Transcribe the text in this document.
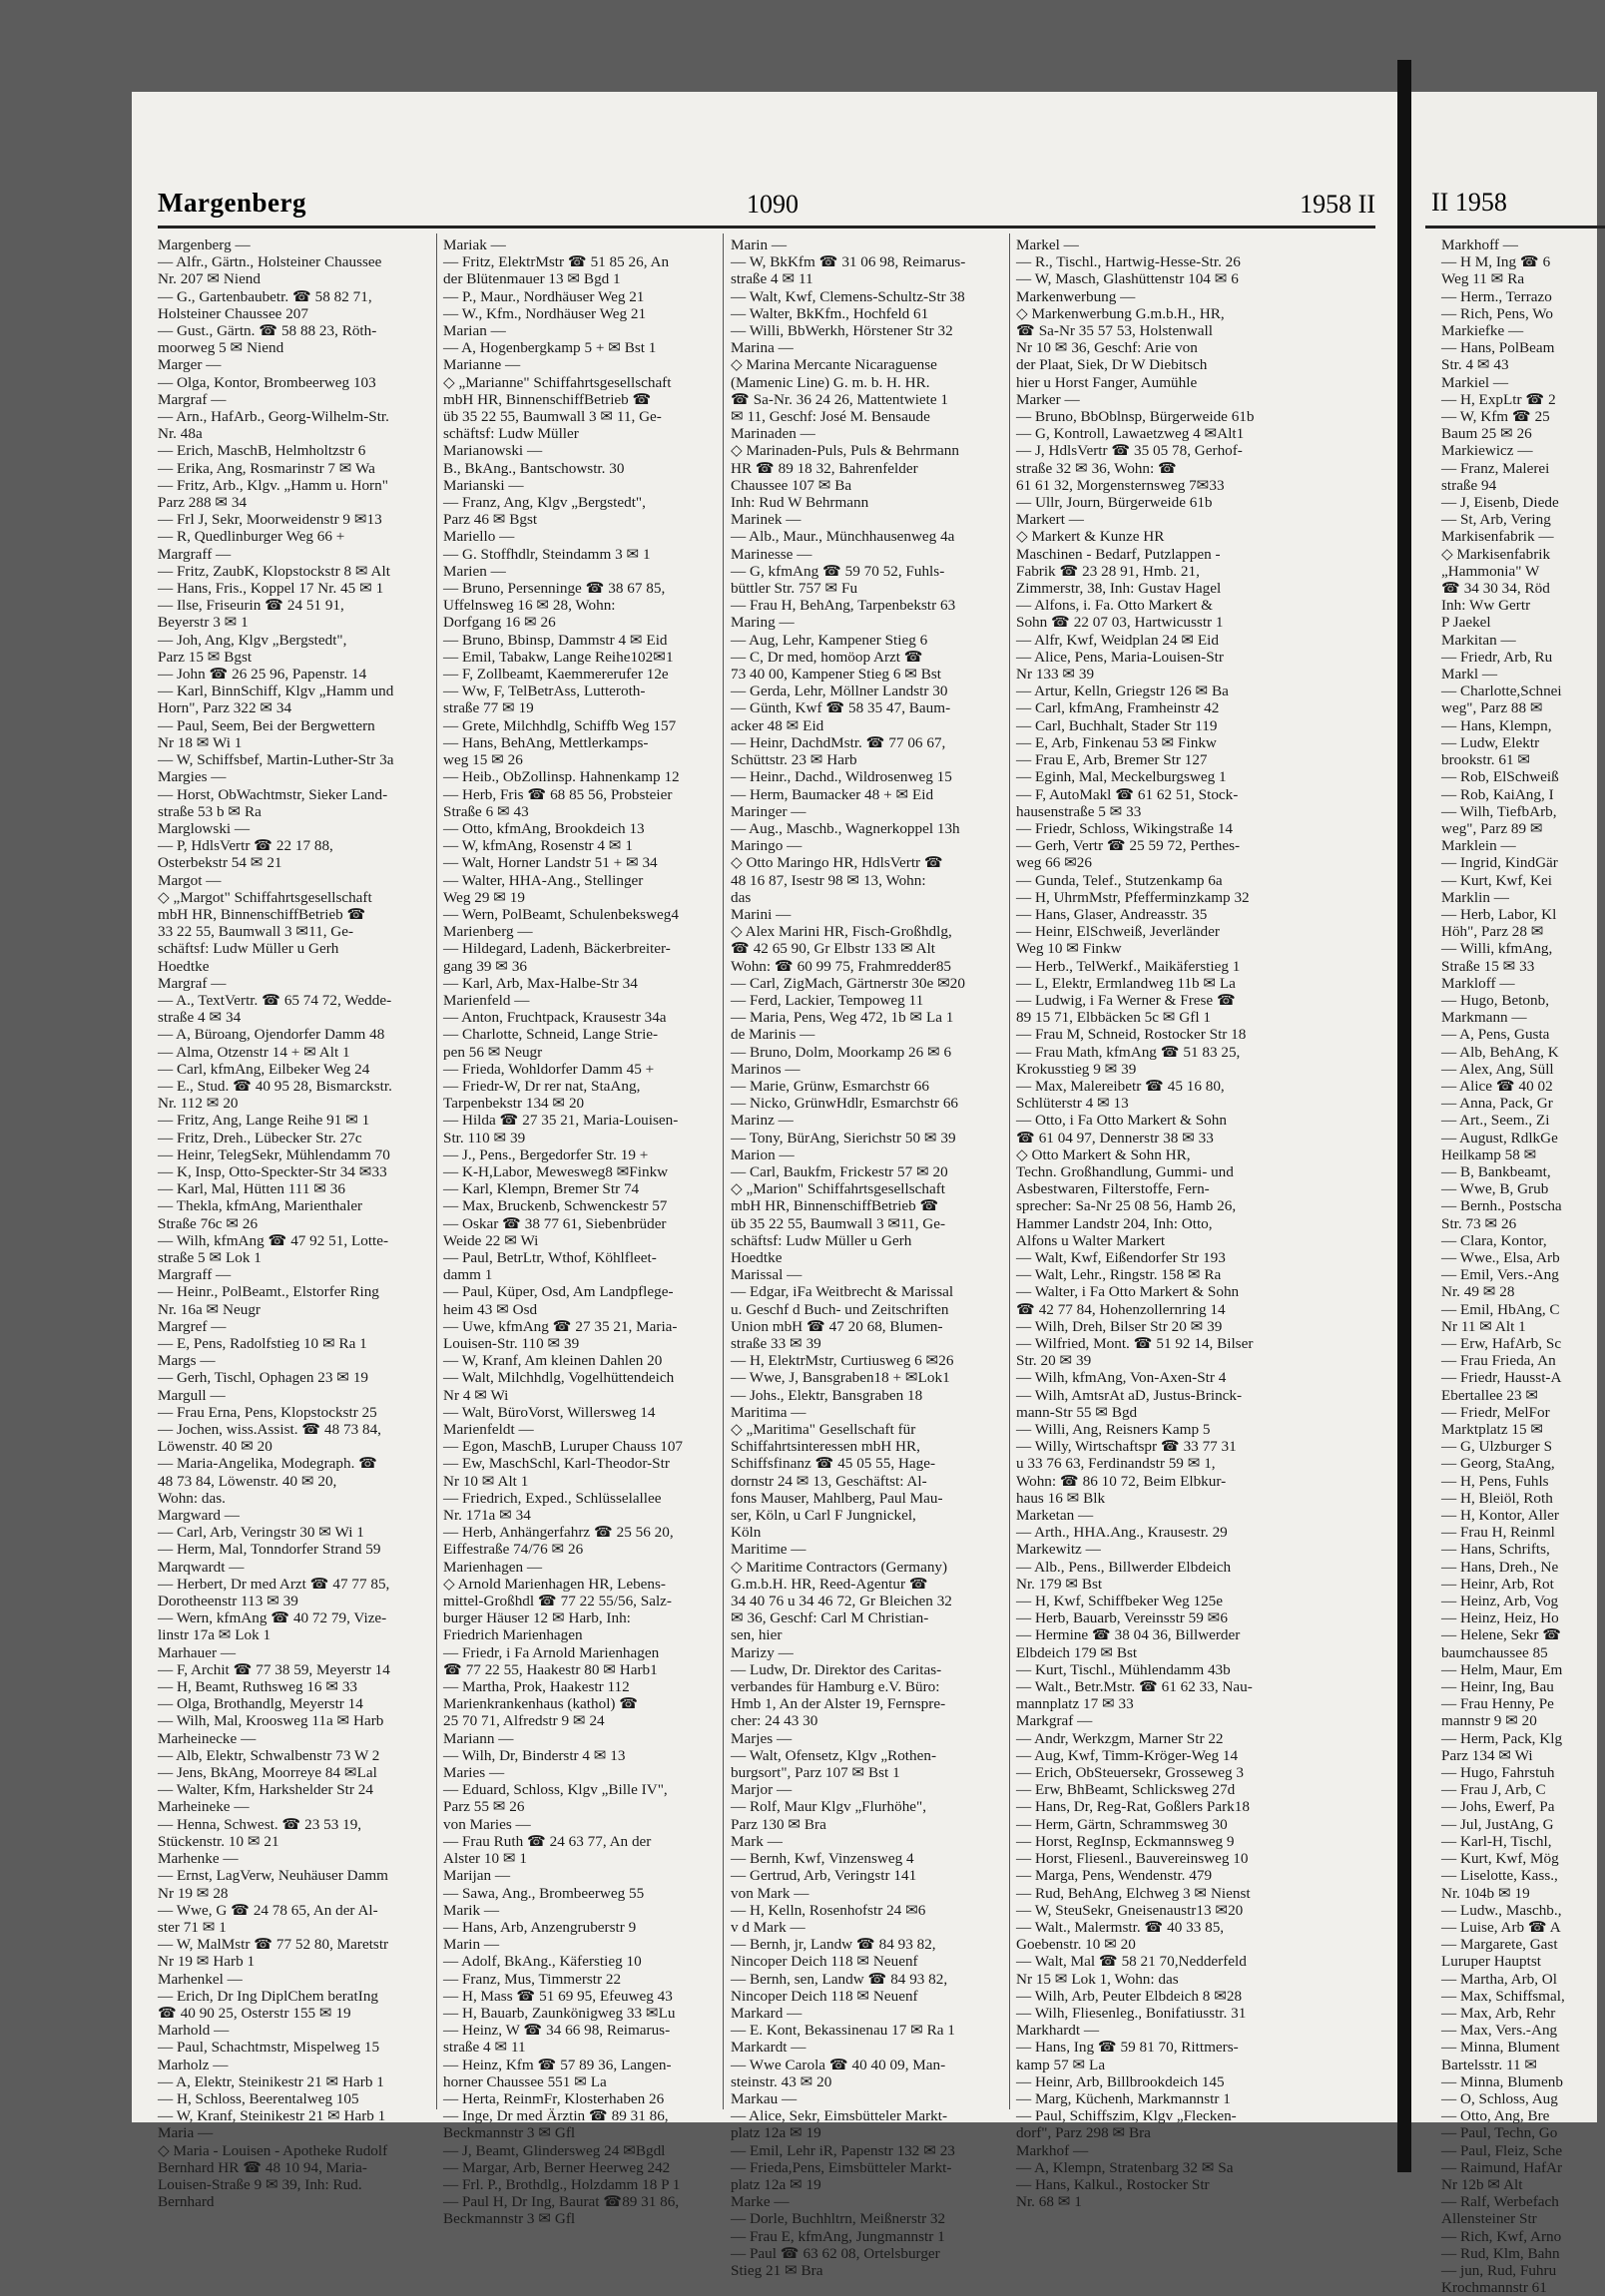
Margenberg	1090	1958 II
Margenberg —
— Alfr., Gärtn., Holsteiner Chaussee
Nr. 207 ✉ Niend
— G., Gartenbaubetr. ☎ 58 82 71,
Holsteiner Chaussee 207
— Gust., Gärtn. ☎ 58 88 23, Röth-
moorweg 5 ✉ Niend
Marger —
— Olga, Kontor, Brombeerweg 103
Margraf —
— Arn., HafArb., Georg-Wilhelm-Str.
Nr. 48a
— Erich, MaschB, Helmholtzstr 6
— Erika, Ang, Rosmarinstr 7 ✉ Wa
— Fritz, Arb., Klgv. „Hamm u. Horn"
Parz 288 ✉ 34
— Frl J, Sekr, Moorweidenstr 9 ✉13
— R, Quedlinburger Weg 66 +
Margraff —
— Fritz, ZaubK, Klopstockstr 8 ✉ Alt
— Hans, Fris., Koppel 17 Nr. 45 ✉ 1
— Ilse, Friseurin ☎ 24 51 91,
Beyerstr 3 ✉ 1
— Joh, Ang, Klgv „Bergstedt",
Parz 15 ✉ Bgst
— John ☎ 26 25 96, Papenstr. 14
— Karl, BinnSchiff, Klgv „Hamm und
Horn", Parz 322 ✉ 34
— Paul, Seem, Bei der Bergwettern
Nr 18 ✉ Wi 1
— W, Schiffsbef, Martin-Luther-Str 3a
Margies —
— Horst, ObWachtmstr, Sieker Land-
straße 53 b ✉ Ra
Marglowski —
— P, HdlsVertr ☎ 22 17 88,
Osterbekstr 54 ✉ 21
Margot —
◇ „Margot" Schiffahrtsgesellschaft
mbH HR, BinnenschiffBetrieb ☎
33 22 55, Baumwall 3 ✉11, Ge-
schäftsf: Ludw Müller u Gerh
Hoedtke
Margraf —
— A., TextVertr. ☎ 65 74 72, Wedde-
straße 4 ✉ 34
— A, Büroang, Ojendorfer Damm 48
— Alma, Otzenstr 14 + ✉ Alt 1
— Carl, kfmAng, Eilbeker Weg 24
— E., Stud. ☎ 40 95 28, Bismarckstr.
Nr. 112 ✉ 20
— Fritz, Ang, Lange Reihe 91 ✉ 1
— Fritz, Dreh., Lübecker Str. 27c
— Heinr, TelegSekr, Mühlendamm 70
— K, Insp, Otto-Speckter-Str 34 ✉33
— Karl, Mal, Hütten 111 ✉ 36
— Thekla, kfmAng, Marienthaler
Straße 76c ✉ 26
— Wilh, kfmAng ☎ 47 92 51, Lotte-
straße 5 ✉ Lok 1
Margraff —
— Heinr., PolBeamt., Elstorfer Ring
Nr. 16a ✉ Neugr
Margref —
— E, Pens, Radolfstieg 10 ✉ Ra 1
Margs —
— Gerh, Tischl, Ophagen 23 ✉ 19
Margull —
— Frau Erna, Pens, Klopstockstr 25
— Jochen, wiss.Assist. ☎ 48 73 84,
Löwenstr. 40 ✉ 20
— Maria-Angelika, Modegraph. ☎
48 73 84, Löwenstr. 40 ✉ 20,
Wohn: das.
Margward —
— Carl, Arb, Veringstr 30 ✉ Wi 1
— Herm, Mal, Tonndorfer Strand 59
Marqwardt —
— Herbert, Dr med Arzt ☎ 47 77 85,
Dorotheenstr 113 ✉ 39
— Wern, kfmAng ☎ 40 72 79, Vize-
linstr 17a ✉ Lok 1
Marhauer —
— F, Archit ☎ 77 38 59, Meyerstr 14
— H, Beamt, Ruthsweg 16 ✉ 33
— Olga, Brothandlg, Meyerstr 14
— Wilh, Mal, Kroosweg 11a ✉ Harb
Marheinecke —
— Alb, Elektr, Schwalbenstr 73 W 2
— Jens, BkAng, Moorreye 84 ✉Lal
— Walter, Kfm, Harkshelder Str 24
Marheineke —
— Henna, Schwest. ☎ 23 53 19,
Stückenstr. 10 ✉ 21
Marhenke —
— Ernst, LagVerw, Neuhäuser Damm
Nr 19 ✉ 28
— Wwe, G ☎ 24 78 65, An der Al-
ster 71 ✉ 1
— W, MalMstr ☎ 77 52 80, Maretstr
Nr 19 ✉ Harb 1
Marhenkel —
— Erich, Dr Ing DiplChem beratIng
☎ 40 90 25, Osterstr 155 ✉ 19
Marhold —
— Paul, Schachtmstr, Mispelweg 15
Marholz —
— A, Elektr, Steinikestr 21 ✉ Harb 1
— H, Schloss, Beerentalweg 105
— W, Kranf, Steinikestr 21 ✉ Harb 1
Maria —
◇ Maria - Louisen - Apotheke Rudolf
Bernhard HR ☎ 48 10 94, Maria-
Louisen-Straße 9 ✉ 39, Inh: Rud.
Bernhard
Mariak —
— Fritz, ElektrMstr ☎ 51 85 26, An
der Blütenmauer 13 ✉ Bgd 1
— P., Maur., Nordhäuser Weg 21
— W., Kfm., Nordhäuser Weg 21
Marian —
— A, Hogenbergkamp 5 + ✉ Bst 1
Marianne —
◇ „Marianne" Schiffahrtsgesellschaft
mbH HR, BinnenschiffBetrieb ☎
üb 35 22 55, Baumwall 3 ✉ 11, Ge-
schäftsf: Ludw Müller
Marianowski —
B., BkAng., Bantschowstr. 30
Marianski —
— Franz, Ang, Klgv „Bergstedt",
Parz 46 ✉ Bgst
Mariello —
— G. Stoffhdlr, Steindamm 3 ✉ 1
Marien —
— Bruno, Persenninge ☎ 38 67 85,
Uffelnsweg 16 ✉ 28, Wohn:
Dorfgang 16 ✉ 26
— Bruno, Bbinsp, Dammstr 4 ✉ Eid
— Emil, Tabakw, Lange Reihe102✉1
— F, Zollbeamt, Kaemmererufer 12e
— Ww, F, TelBetrAss, Lutteroth-
straße 77 ✉ 19
— Grete, Milchhdlg, Schiffb Weg 157
— Hans, BehAng, Mettlerkamps-
weg 15 ✉ 26
— Heib., ObZollinsp. Hahnenkamp 12
— Herb, Fris ☎ 68 85 56, Probsteier
Straße 6 ✉ 43
— Otto, kfmAng, Brookdeich 13
— W, kfmAng, Rosenstr 4 ✉ 1
— Walt, Horner Landstr 51 + ✉ 34
— Walter, HHA-Ang., Stellinger
Weg 29 ✉ 19
— Wern, PolBeamt, Schulenbeksweg4
Marienberg —
— Hildegard, Ladenh, Bäckerbreiter-
gang 39 ✉ 36
— Karl, Arb, Max-Halbe-Str 34
Marienfeld —
— Anton, Fruchtpack, Krausestr 34a
— Charlotte, Schneid, Lange Strie-
pen 56 ✉ Neugr
— Frieda, Wohldorfer Damm 45 +
— Friedr-W, Dr rer nat, StaAng,
Tarpenbekstr 134 ✉ 20
— Hilda ☎ 27 35 21, Maria-Louisen-
Str. 110 ✉ 39
— J., Pens., Bergedorfer Str. 19 +
— K-H,Labor, Mewesweg8 ✉Finkw
— Karl, Klempn, Bremer Str 74
— Max, Bruckenb, Schwenckestr 57
— Oskar ☎ 38 77 61, Siebenbrüder
Weide 22 ✉ Wi
— Paul, BetrLtr, Wthof, Köhlfleet-
damm 1
— Paul, Küper, Osd, Am Landpflege-
heim 43 ✉ Osd
— Uwe, kfmAng ☎ 27 35 21, Maria-
Louisen-Str. 110 ✉ 39
— W, Kranf, Am kleinen Dahlen 20
— Walt, Milchhdlg, Vogelhüttendeich
Nr 4 ✉ Wi
— Walt, BüroVorst, Willersweg 14
Marienfeldt —
— Egon, MaschB, Luruper Chauss 107
— Ew, MaschSchl, Karl-Theodor-Str
Nr 10 ✉ Alt 1
— Friedrich, Exped., Schlüsselallee
Nr. 171a ✉ 34
— Herb, Anhängerfahrz ☎ 25 56 20,
Eiffestraße 74/76 ✉ 26
Marienhagen —
◇ Arnold Marienhagen HR, Lebens-
mittel-Großhdl ☎ 77 22 55/56, Salz-
burger Häuser 12 ✉ Harb, Inh:
Friedrich Marienhagen
— Friedr, i Fa Arnold Marienhagen
☎ 77 22 55, Haakestr 80 ✉ Harb1
— Martha, Prok, Haakestr 112
Marienkrankenhaus (kathol) ☎
25 70 71, Alfredstr 9 ✉ 24
Mariann —
— Wilh, Dr, Binderstr 4 ✉ 13
Maries —
— Eduard, Schloss, Klgv „Bille IV",
Parz 55 ✉ 26
von Maries —
— Frau Ruth ☎ 24 63 77, An der
Alster 10 ✉ 1
Marijan —
— Sawa, Ang., Brombeerweg 55
Marik —
— Hans, Arb, Anzengruberstr 9
Marin —
— Adolf, BkAng., Käferstieg 10
— Franz, Mus, Timmerstr 22
— H, Mass ☎ 51 69 95, Efeuweg 43
— H, Bauarb, Zaunkönigweg 33 ✉Lu
— Heinz, W ☎ 34 66 98, Reimarus-
straße 4 ✉ 11
— Heinz, Kfm ☎ 57 89 36, Langen-
horner Chaussee 551 ✉ La
— Herta, ReinmFr, Klosterhaben 26
— Inge, Dr med Ärztin ☎ 89 31 86,
Beckmannstr 3 ✉ Gfl
— J, Beamt, Glindersweg 24 ✉Bgdl
— Margar, Arb, Berner Heerweg 242
— Frl. P., Brothdlg., Holzdamm 18 P 1
— Paul H, Dr Ing, Baurat ☎89 31 86,
Beckmannstr 3 ✉ Gfl
Marin —
— W, BkKfm ☎ 31 06 98, Reimarus-
straße 4 ✉ 11
— Walt, Kwf, Clemens-Schultz-Str 38
— Walter, BkKfm., Hochfeld 61
— Willi, BbWerkh, Hörstener Str 32
Marina —
◇ Marina Mercante Nicaraguense
(Mamenic Line) G. m. b. H. HR.
☎ Sa-Nr. 36 24 26, Mattentwiete 1
✉ 11, Geschf: José M. Bensaude
Marinaden —
◇ Marinaden-Puls, Puls & Behrmann
HR ☎ 89 18 32, Bahrenfelder
Chaussee 107 ✉ Ba
Inh: Rud W Behrmann
Marinek —
— Alb., Maur., Münchhausenweg 4a
Marinesse —
— G, kfmAng ☎ 59 70 52, Fuhls-
büttler Str. 757 ✉ Fu
— Frau H, BehAng, Tarpenbekstr 63
Maring —
— Aug, Lehr, Kampener Stieg 6
— C, Dr med, homöop Arzt ☎
73 40 00, Kampener Stieg 6 ✉ Bst
— Gerda, Lehr, Möllner Landstr 30
— Günth, Kwf ☎ 58 35 47, Baum-
acker 48 ✉ Eid
— Heinr, DachdMstr. ☎ 77 06 67,
Schüttstr. 23 ✉ Harb
— Heinr., Dachd., Wildrosenweg 15
— Herm, Baumacker 48 + ✉ Eid
Maringer —
— Aug., Maschb., Wagnerkoppel 13h
Maringo —
◇ Otto Maringo HR, HdlsVertr ☎
48 16 87, Isestr 98 ✉ 13, Wohn:
das
Marini —
◇ Alex Marini HR, Fisch-Großhdlg,
☎ 42 65 90, Gr Elbstr 133 ✉ Alt
Wohn: ☎ 60 99 75, Frahmredder85
— Carl, ZigMach, Gärtnerstr 30e ✉20
— Ferd, Lackier, Tempoweg 11
— Maria, Pens, Weg 472, 1b ✉ La 1
de Marinis —
— Bruno, Dolm, Moorkamp 26 ✉ 6
Marinos —
— Marie, Grünw, Esmarchstr 66
— Nicko, GrünwHdlr, Esmarchstr 66
Marinz —
— Tony, BürAng, Sierichstr 50 ✉ 39
Marion —
— Carl, Baukfm, Frickestr 57 ✉ 20
◇ „Marion" Schiffahrtsgesellschaft
mbH HR, BinnenschiffBetrieb ☎
üb 35 22 55, Baumwall 3 ✉11, Ge-
schäftsf: Ludw Müller u Gerh
Hoedtke
Marissal —
— Edgar, iFa Weitbrecht & Marissal
u. Geschf d Buch- und Zeitschriften
Union mbH ☎ 47 20 68, Blumen-
straße 33 ✉ 39
— H, ElektrMstr, Curtiusweg 6 ✉26
— Wwe, J, Bansgraben18 + ✉Lok1
— Johs., Elektr, Bansgraben 18
Maritima —
◇ „Maritima" Gesellschaft für
Schiffahrtsinteressen mbH HR,
Schiffsfinanz ☎ 45 05 55, Hage-
dornstr 24 ✉ 13, Geschäftst: Al-
fons Mauser, Mahlberg, Paul Mau-
ser, Köln, u Carl F Jungnickel,
Köln
Maritime —
◇ Maritime Contractors (Germany)
G.m.b.H. HR, Reed-Agentur ☎
34 40 76 u 34 46 72, Gr Bleichen 32
✉ 36, Geschf: Carl M Christian-
sen, hier
Marizy —
— Ludw, Dr. Direktor des Caritas-
verbandes für Hamburg e.V. Büro:
Hmb 1, An der Alster 19, Fernspre-
cher: 24 43 30
Marjes —
— Walt, Ofensetz, Klgv „Rothen-
burgsort", Parz 107 ✉ Bst 1
Marjor —
— Rolf, Maur Klgv „Flurhöhe",
Parz 130 ✉ Bra
Mark —
— Bernh, Kwf, Vinzensweg 4
— Gertrud, Arb, Veringstr 141
von Mark —
— H, Kelln, Rosenhofstr 24 ✉6
v d Mark —
— Bernh, jr, Landw ☎ 84 93 82,
Nincoper Deich 118 ✉ Neuenf
— Bernh, sen, Landw ☎ 84 93 82,
Nincoper Deich 118 ✉ Neuenf
Markard —
— E. Kont, Bekassinenau 17 ✉ Ra 1
Markardt —
— Wwe Carola ☎ 40 40 09, Man-
steinstr. 43 ✉ 20
Markau —
— Alice, Sekr, Eimsbütteler Markt-
platz 12a ✉ 19
— Emil, Lehr iR, Papenstr 132 ✉ 23
— Frieda,Pens, Eimsbütteler Markt-
platz 12a ✉ 19
Marke —
— Dorle, Buchhltrn, Meißnerstr 32
— Frau E, kfmAng, Jungmannstr 1
— Paul ☎ 63 62 08, Ortelsburger
Stieg 21 ✉ Bra
Markel —
— R., Tischl., Hartwig-Hesse-Str. 26
— W, Masch, Glashüttenstr 104 ✉ 6
Markenwerbung —
◇ Markenwerbung G.m.b.H., HR,
☎ Sa-Nr 35 57 53, Holstenwall
Nr 10 ✉ 36, Geschf: Arie von
der Plaat, Siek, Dr W Diebitsch
hier u Horst Fanger, Aumühle
Marker —
— Bruno, BbOblnsp, Bürgerweide 61b
— G, Kontroll, Lawaetzweg 4 ✉Alt1
— J, HdlsVertr ☎ 35 05 78, Gerhof-
straße 32 ✉ 36, Wohn: ☎
61 61 32, Morgensternsweg 7✉33
— Ullr, Journ, Bürgerweide 61b
Markert —
◇ Markert & Kunze HR
Maschinen - Bedarf, Putzlappen -
Fabrik ☎ 23 28 91, Hmb. 21,
Zimmerstr, 38, Inh: Gustav Hagel
— Alfons, i. Fa. Otto Markert &
Sohn ☎ 22 07 03, Hartwicusstr 1
— Alfr, Kwf, Weidplan 24 ✉ Eid
— Alice, Pens, Maria-Louisen-Str
Nr 133 ✉ 39
— Artur, Kelln, Griegstr 126 ✉ Ba
— Carl, kfmAng, Framheinstr 42
— Carl, Buchhalt, Stader Str 119
— E, Arb, Finkenau 53 ✉ Finkw
— Frau E, Arb, Bremer Str 127
— Eginh, Mal, Meckelburgsweg 1
— F, AutoMakl ☎ 61 62 51, Stock-
hausenstraße 5 ✉ 33
— Friedr, Schloss, Wikingstraße 14
— Gerh, Vertr ☎ 25 59 72, Perthes-
weg 66 ✉26
— Gunda, Telef., Stutzenkamp 6a
— H, UhrmMstr, Pfefferminzkamp 32
— Hans, Glaser, Andreasstr. 35
— Heinr, ElSchweiß, Jeverländer
Weg 10 ✉ Finkw
— Herb., TelWerkf., Maikäferstieg 1
— L, Elektr, Ermlandweg 11b ✉ La
— Ludwig, i Fa Werner & Frese ☎
89 15 71, Elbbäcken 5c ✉ Gfl 1
— Frau M, Schneid, Rostocker Str 18
— Frau Math, kfmAng ☎ 51 83 25,
Krokusstieg 9 ✉ 39
— Max, Malereibetr ☎ 45 16 80,
Schlüterstr 4 ✉ 13
— Otto, i Fa Otto Markert & Sohn
☎ 61 04 97, Dennerstr 38 ✉ 33
◇ Otto Markert & Sohn HR,
Techn. Großhandlung, Gummi- und
Asbestwaren, Filterstoffe, Fern-
sprecher: Sa-Nr 25 08 56, Hamb 26,
Hammer Landstr 204, Inh: Otto,
Alfons u Walter Markert
— Walt, Kwf, Eißendorfer Str 193
— Walt, Lehr., Ringstr. 158 ✉ Ra
— Walter, i Fa Otto Markert & Sohn
☎ 42 77 84, Hohenzollernring 14
— Wilh, Dreh, Bilser Str 20 ✉ 39
— Wilfried, Mont. ☎ 51 92 14, Bilser
Str. 20 ✉ 39
— Wilh, kfmAng, Von-Axen-Str 4
— Wilh, AmtsrAt aD, Justus-Brinck-
mann-Str 55 ✉ Bgd
— Willi, Ang, Reisners Kamp 5
— Willy, Wirtschaftspr ☎ 33 77 31
u 33 76 63, Ferdinandstr 59 ✉ 1,
Wohn: ☎ 86 10 72, Beim Elbkur-
haus 16 ✉ Blk
Marketan —
— Arth., HHA.Ang., Krausestr. 29
Markewitz —
— Alb., Pens., Billwerder Elbdeich
Nr. 179 ✉ Bst
— H, Kwf, Schiffbeker Weg 125e
— Herb, Bauarb, Vereinsstr 59 ✉6
— Hermine ☎ 38 04 36, Billwerder
Elbdeich 179 ✉ Bst
— Kurt, Tischl., Mühlendamm 43b
— Walt., Betr.Mstr. ☎ 61 62 33, Nau-
mannplatz 17 ✉ 33
Markgraf —
— Andr, Werkzgm, Marner Str 22
— Aug, Kwf, Timm-Kröger-Weg 14
— Erich, ObSteuersekr, Grosseweg 3
— Erw, BhBeamt, Schlicksweg 27d
— Hans, Dr, Reg-Rat, Goßlers Park18
— Herm, Gärtn, Schrammsweg 30
— Horst, RegInsp, Eckmannsweg 9
— Horst, Fliesenl., Bauvereinsweg 10
— Marga, Pens, Wendenstr. 479
— Rud, BehAng, Elchweg 3 ✉ Nienst
— W, SteuSekr, Gneisenaustr13 ✉20
— Walt., Malermstr. ☎ 40 33 85,
Goebenstr. 10 ✉ 20
— Walt, Mal ☎ 58 21 70,Nedderfeld
Nr 15 ✉ Lok 1, Wohn: das
— Wilh, Arb, Peuter Elbdeich 8 ✉28
— Wilh, Fliesenleg., Bonifatiusstr. 31
Markhardt —
— Hans, Ing ☎ 59 81 70, Rittmers-
kamp 57 ✉ La
— Heinr, Arb, Billbrookdeich 145
— Marg, Küchenh, Markmannstr 1
— Paul, Schiffszim, Klgv „Flecken-
dorf", Parz 298 ✉ Bra
Markhof —
— A, Klempn, Stratenbarg 32 ✉ Sa
— Hans, Kalkul., Rostocker Str
Nr. 68 ✉ 1
II 1958
Markhoff —
— H M, Ing ☎ 6
Weg 11 ✉ Ra
— Herm., Terrazo
— Rich, Pens, Wo
Markiefke —
— Hans, PolBeam
Str. 4 ✉ 43
Markiel —
— H, ExpLtr ☎ 2
— W, Kfm ☎ 25
Baum 25 ✉ 26
Markiewicz —
— Franz, Malerei
straße 94
— J, Eisenb, Diede
— St, Arb, Vering
Markisenfabrik —
◇ Markisenfabrik
„Hammonia" W
☎ 34 30 34, Röd
Inh: Ww Gertr
P Jaekel
Markitan —
— Friedr, Arb, Ru
Markl —
— Charlotte,Schnei
weg", Parz 88 ✉
— Hans, Klempn,
— Ludw, Elektr
brookstr. 61 ✉
— Rob, ElSchweiß
— Rob, KaiAng, I
— Wilh, TiefbArb,
weg", Parz 89 ✉
Marklein —
— Ingrid, KindGär
— Kurt, Kwf, Kei
Marklin —
— Herb, Labor, Kl
Höh", Parz 28 ✉
— Willi, kfmAng,
Straße 15 ✉ 33
Markloff —
— Hugo, Betonb,
Markmann —
— A, Pens, Gusta
— Alb, BehAng, K
— Alex, Ang, Süll
— Alice ☎ 40 02
— Anna, Pack, Gr
— Art., Seem., Zi
— August, RdlkGe
Heilkamp 58 ✉
— B, Bankbeamt,
— Wwe, B, Grub
— Bernh., Postscha
Str. 73 ✉ 26
— Clara, Kontor,
— Wwe., Elsa, Arb
— Emil, Vers.-Ang
Nr. 49 ✉ 28
— Emil, HbAng, C
Nr 11 ✉ Alt 1
— Erw, HafArb, Sc
— Frau Frieda, An
— Friedr, Hausst-A
Ebertallee 23 ✉
— Friedr, MelFor
Marktplatz 15 ✉
— G, Ulzburger S
— Georg, StaAng,
— H, Pens, Fuhls
— H, Bleiöl, Roth
— H, Kontor, Aller
— Frau H, Reinml
— Hans, Schrifts,
— Hans, Dreh., Ne
— Heinr, Arb, Rot
— Heinz, Arb, Vog
— Heinz, Heiz, Ho
— Helene, Sekr ☎
baumchaussee 85
— Helm, Maur, Em
— Heinr, Ing, Bau
— Frau Henny, Pe
mannstr 9 ✉ 20
— Herm, Pack, Klg
Parz 134 ✉ Wi
— Hugo, Fahrstuh
— Frau J, Arb, C
— Johs, Ewerf, Pa
— Jul, JustAng, G
— Karl-H, Tischl,
— Kurt, Kwf, Mög
— Liselotte, Kass.,
Nr. 104b ✉ 19
— Ludw., Maschb.,
— Luise, Arb ☎ A
— Margarete, Gast
Luruper Hauptst
— Martha, Arb, Ol
— Max, Schiffsmal,
— Max, Arb, Rehr
— Max, Vers.-Ang
— Minna, Blument
Bartelsstr. 11 ✉
— Minna, Blumenb
— O, Schloss, Aug
— Otto, Ang, Bre
— Paul, Techn, Go
— Paul, Fleiz, Sche
— Raimund, HafAr
Nr 12b ✉ Alt
— Ralf, Werbefach
Allensteiner Str
— Rich, Kwf, Arno
— Rud, Klm, Bahn
— jun, Rud, Fuhru
Krochmannstr 61
